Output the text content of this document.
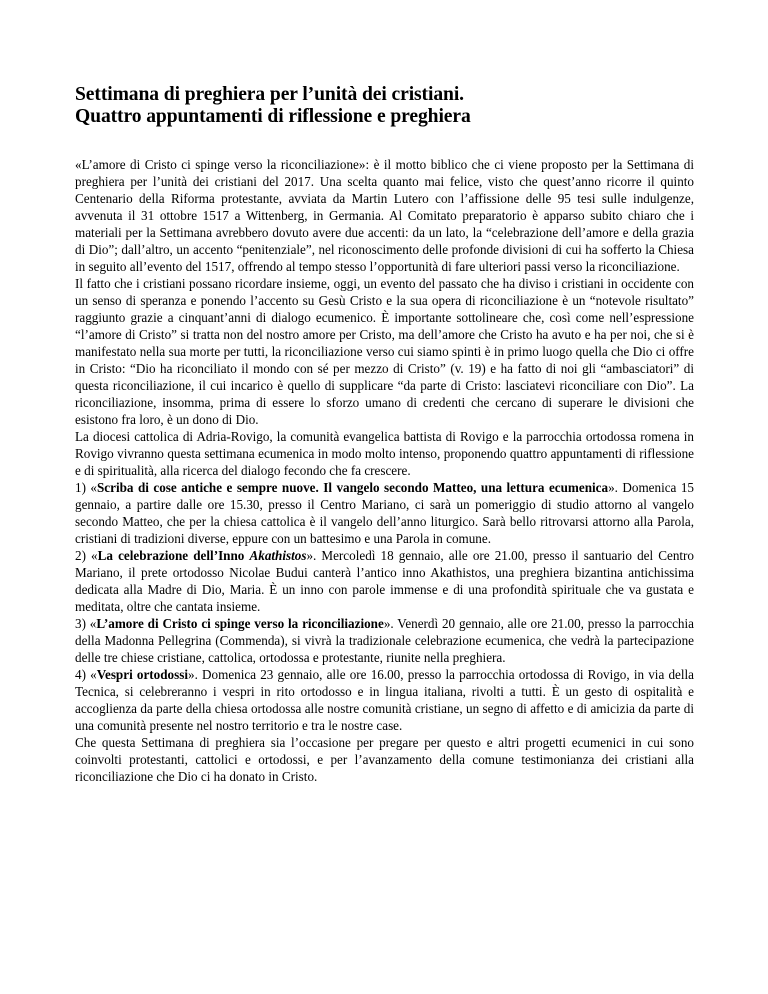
Settimana di preghiera per l’unità dei cristiani.
Quattro appuntamenti di riflessione e preghiera

«L’amore di Cristo ci spinge verso la riconciliazione»: è il motto biblico che ci viene proposto per la Settimana di preghiera per l’unità dei cristiani del 2017. Una scelta quanto mai felice, visto che quest’anno ricorre il quinto Centenario della Riforma protestante, avviata da Martin Lutero con l’affissione delle 95 tesi sulle indulgenze, avvenuta il 31 ottobre 1517 a Wittenberg, in Germania. Al Comitato preparatorio è apparso subito chiaro che i materiali per la Settimana avrebbero dovuto avere due accenti: da un lato, la “celebrazione dell’amore e della grazia di Dio”; dall’altro, un accento “penitenziale”, nel riconoscimento delle profonde divisioni di cui ha sofferto la Chiesa in seguito all’evento del 1517, offrendo al tempo stesso l’opportunità di fare ulteriori passi verso la riconciliazione.

Il fatto che i cristiani possano ricordare insieme, oggi, un evento del passato che ha diviso i cristiani in occidente con un senso di speranza e ponendo l’accento su Gesù Cristo e la sua opera di riconciliazione è un “notevole risultato” raggiunto grazie a cinquant’anni di dialogo ecumenico. È importante sottolineare che, così come nell’espressione “l’amore di Cristo” si tratta non del nostro amore per Cristo, ma dell’amore che Cristo ha avuto e ha per noi, che si è manifestato nella sua morte per tutti, la riconciliazione verso cui siamo spinti è in primo luogo quella che Dio ci offre in Cristo: “Dio ha riconciliato il mondo con sé per mezzo di Cristo” (v. 19) e ha fatto di noi gli “ambasciatori” di questa riconciliazione, il cui incarico è quello di supplicare “da parte di Cristo: lasciatevi riconciliare con Dio”. La riconciliazione, insomma, prima di essere lo sforzo umano di credenti che cercano di superare le divisioni che esistono fra loro, è un dono di Dio.

La diocesi cattolica di Adria-Rovigo, la comunità evangelica battista di Rovigo e la parrocchia ortodossa romena in Rovigo vivranno questa settimana ecumenica in modo molto intenso, proponendo quattro appuntamenti di riflessione e di spiritualità, alla ricerca del dialogo fecondo che fa crescere.

1) «Scriba di cose antiche e sempre nuove. Il vangelo secondo Matteo, una lettura ecumenica». Domenica 15 gennaio, a partire dalle ore 15.30, presso il Centro Mariano, ci sarà un pomeriggio di studio attorno al vangelo secondo Matteo, che per la chiesa cattolica è il vangelo dell’anno liturgico. Sarà bello ritrovarsi attorno alla Parola, cristiani di tradizioni diverse, eppure con un battesimo e una Parola in comune.

2) «La celebrazione dell’Inno Akathistos». Mercoledì 18 gennaio, alle ore 21.00, presso il santuario del Centro Mariano, il prete ortodosso Nicolae Budui canterà l’antico inno Akathistos, una preghiera bizantina antichissima dedicata alla Madre di Dio, Maria. È un inno con parole immense e di una profondità spirituale che va gustata e meditata, oltre che cantata insieme.

3) «L’amore di Cristo ci spinge verso la riconciliazione». Venerdì 20 gennaio, alle ore 21.00, presso la parrocchia della Madonna Pellegrina (Commenda), si vivrà la tradizionale celebrazione ecumenica, che vedrà la partecipazione delle tre chiese cristiane, cattolica, ortodossa e protestante, riunite nella preghiera.

4) «Vespri ortodossi». Domenica 23 gennaio, alle ore 16.00, presso la parrocchia ortodossa di Rovigo, in via della Tecnica, si celebreranno i vespri in rito ortodosso e in lingua italiana, rivolti a tutti. È un gesto di ospitalità e accoglienza da parte della chiesa ortodossa alle nostre comunità cristiane, un segno di affetto e di amicizia da parte di una comunità presente nel nostro territorio e tra le nostre case.

Che questa Settimana di preghiera sia l’occasione per pregare per questo e altri progetti ecumenici in cui sono coinvolti protestanti, cattolici e ortodossi, e per l’avanzamento della comune testimonianza dei cristiani alla riconciliazione che Dio ci ha donato in Cristo.
